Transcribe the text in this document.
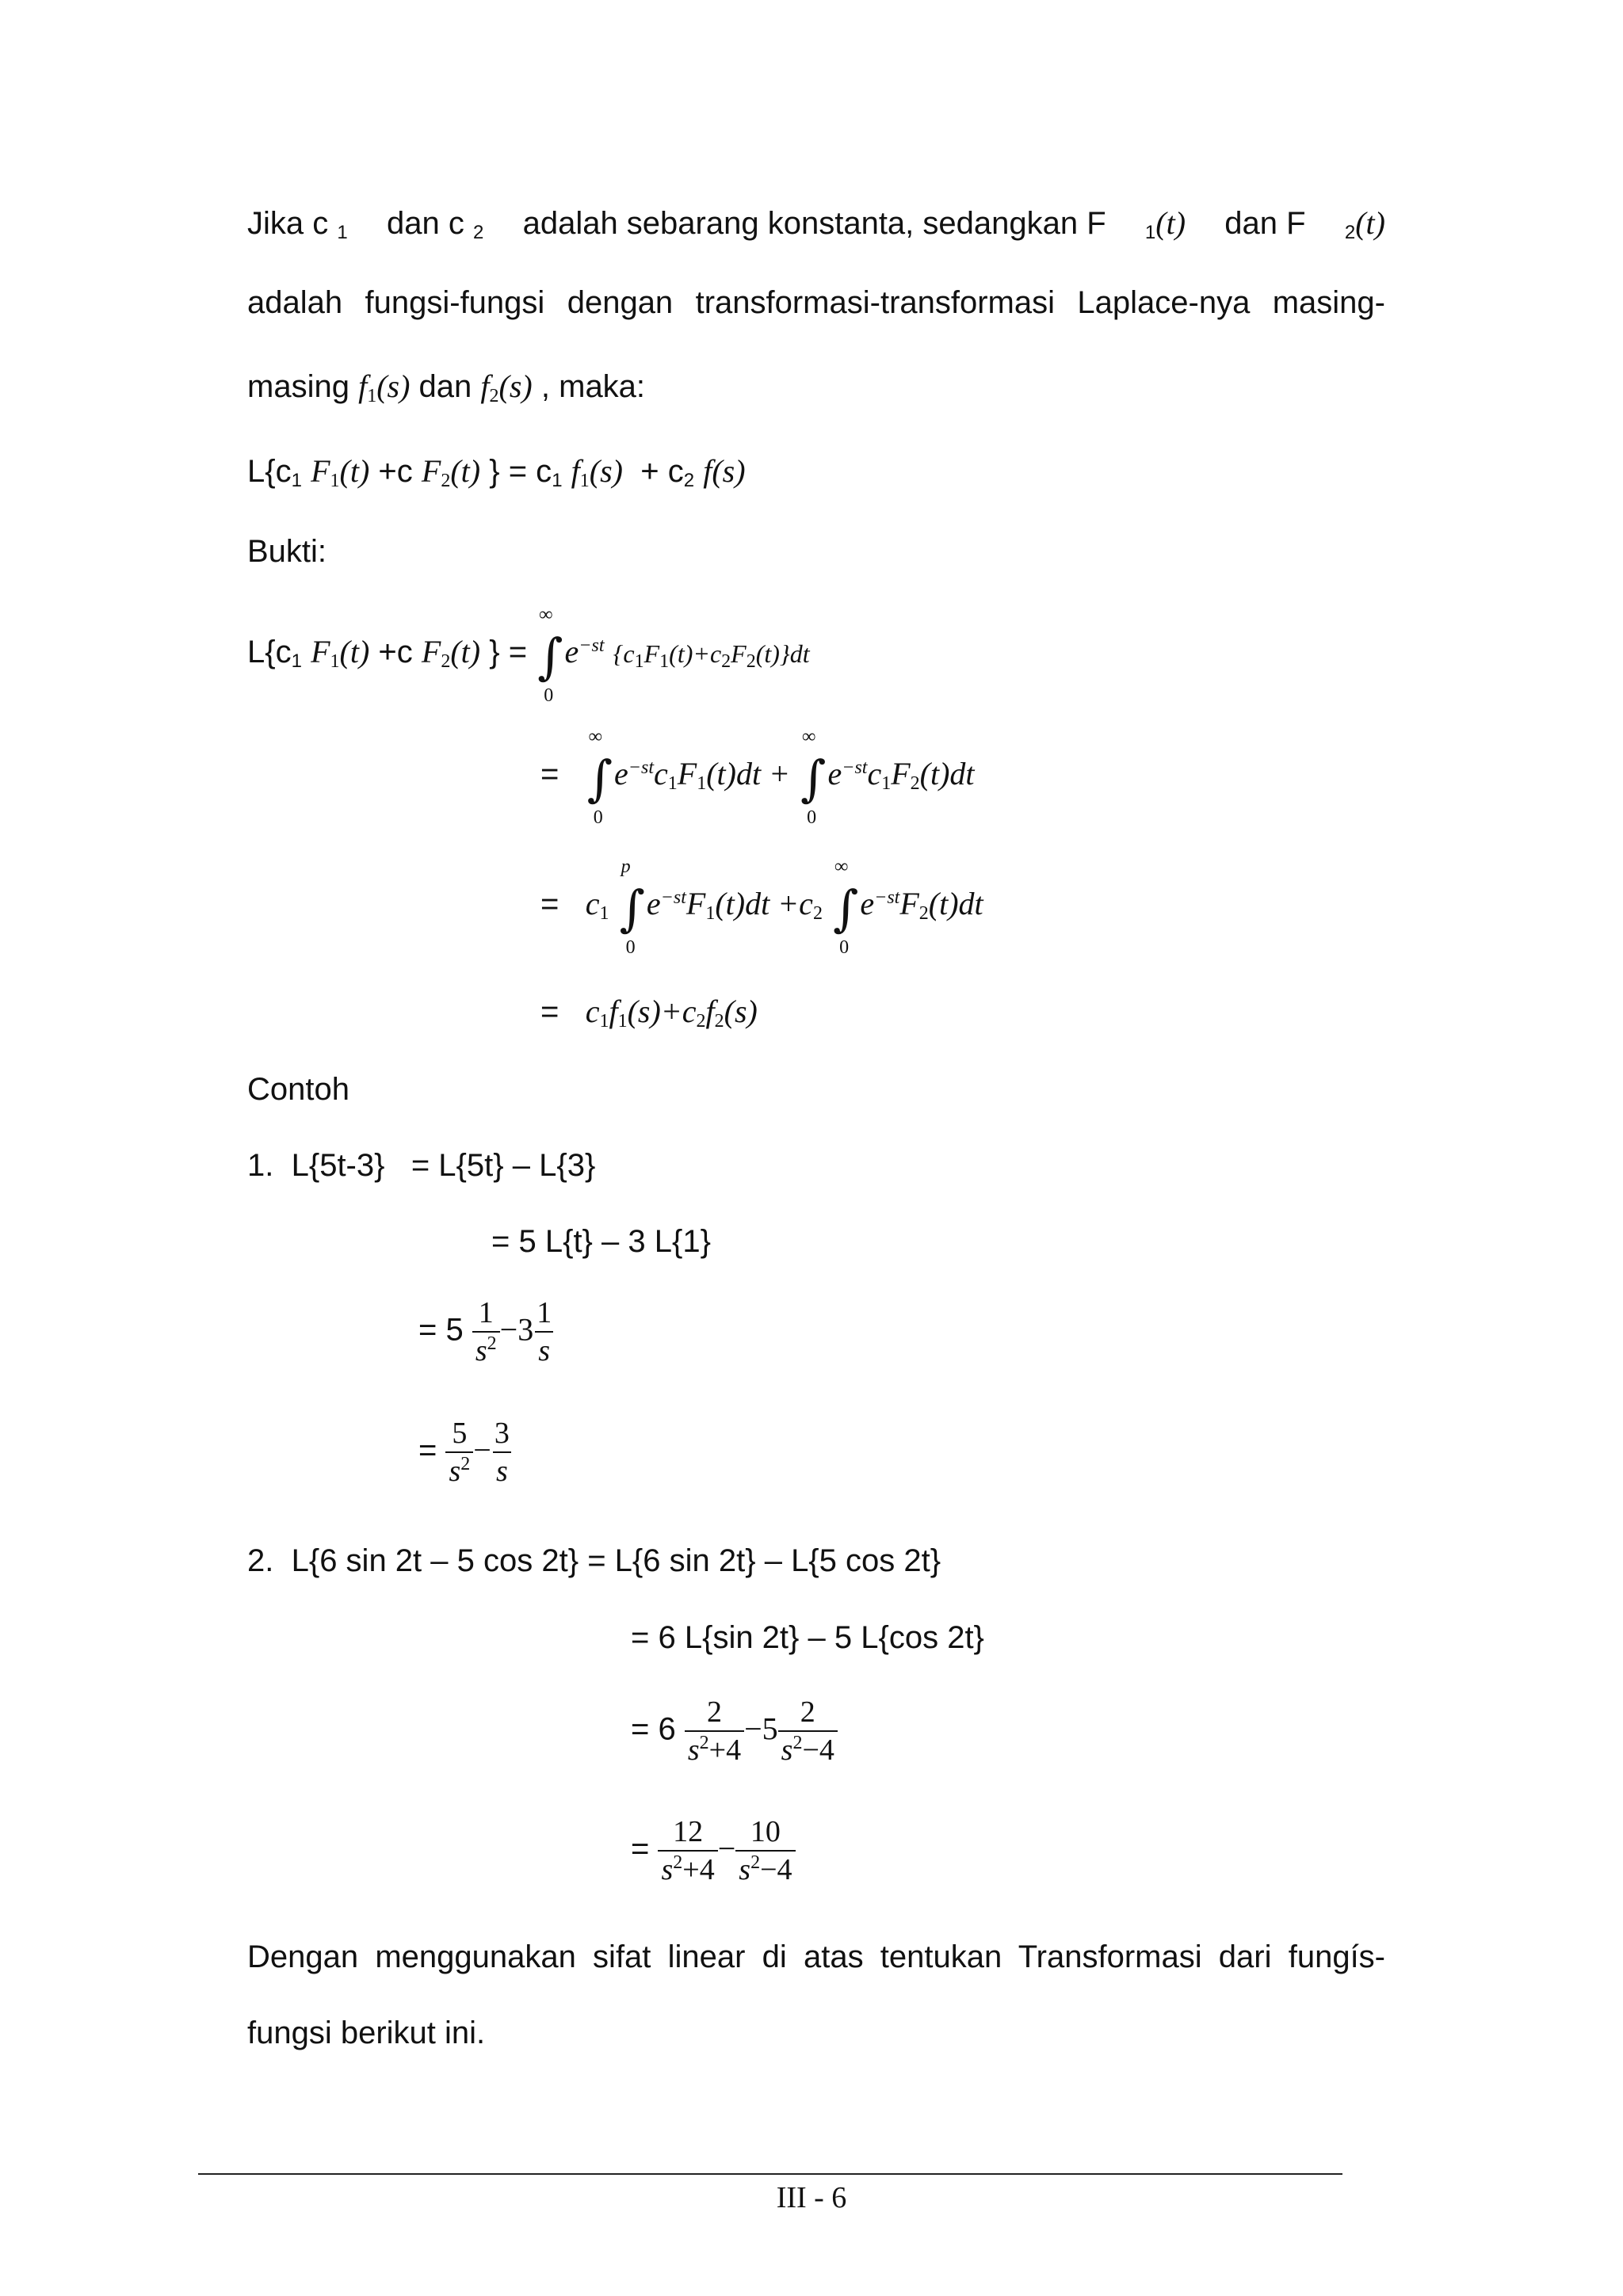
Jika c 1 dan c 2 adalah sebarang konstanta, sedangkan F 1(t) dan F 2(t)
adalah fungsi-fungsi dengan transformasi-transformasi Laplace-nya masing-
masing f1(s) dan f2(s) , maka:
L{c1 F1(t) +c F2(t) } = c1 f1(s) + c2 f(s)
Bukti:
L{c1 F1(t) +c F2(t) } = ∫
∞
0
$e^{-st}$ {c1F1(t)+c2F2(t)}dt
= ∫
∞
0
$e^{-st}c1F1(t)dt$ + ∫
∞
0
$e^{-st}c1F2(t)dt$
= c1 ∫
p
0
$e^{-st}F1(t)dt +c2$ ∫
∞
0
$e^{-st}F2(t)dt$
= c1f1(s)+c2f2(s)
Contoh
1. L{5t-3} = L{5t} – L{3}
= 5 L{t} – 3 L{1}
= $5 \frac{1}{s^2} -3 \frac{1}{s}$
= $\frac{5}{s^2} - \frac{3}{s}$
2. L{6 sin 2t – 5 cos 2t} = L{6 sin 2t} – L{5 cos 2t}
= 6 L{sin 2t} – 5 L{cos 2t}
= $6 \frac{2}{s^2+4} -5 \frac{2}{s^2-4}$
= $\frac{12}{s^2+4} - \frac{10}{s^2-4}$
Dengan menggunakan sifat linear di atas tentukan Transformasi dari fungís-
fungsi berikut ini.
III - 6
